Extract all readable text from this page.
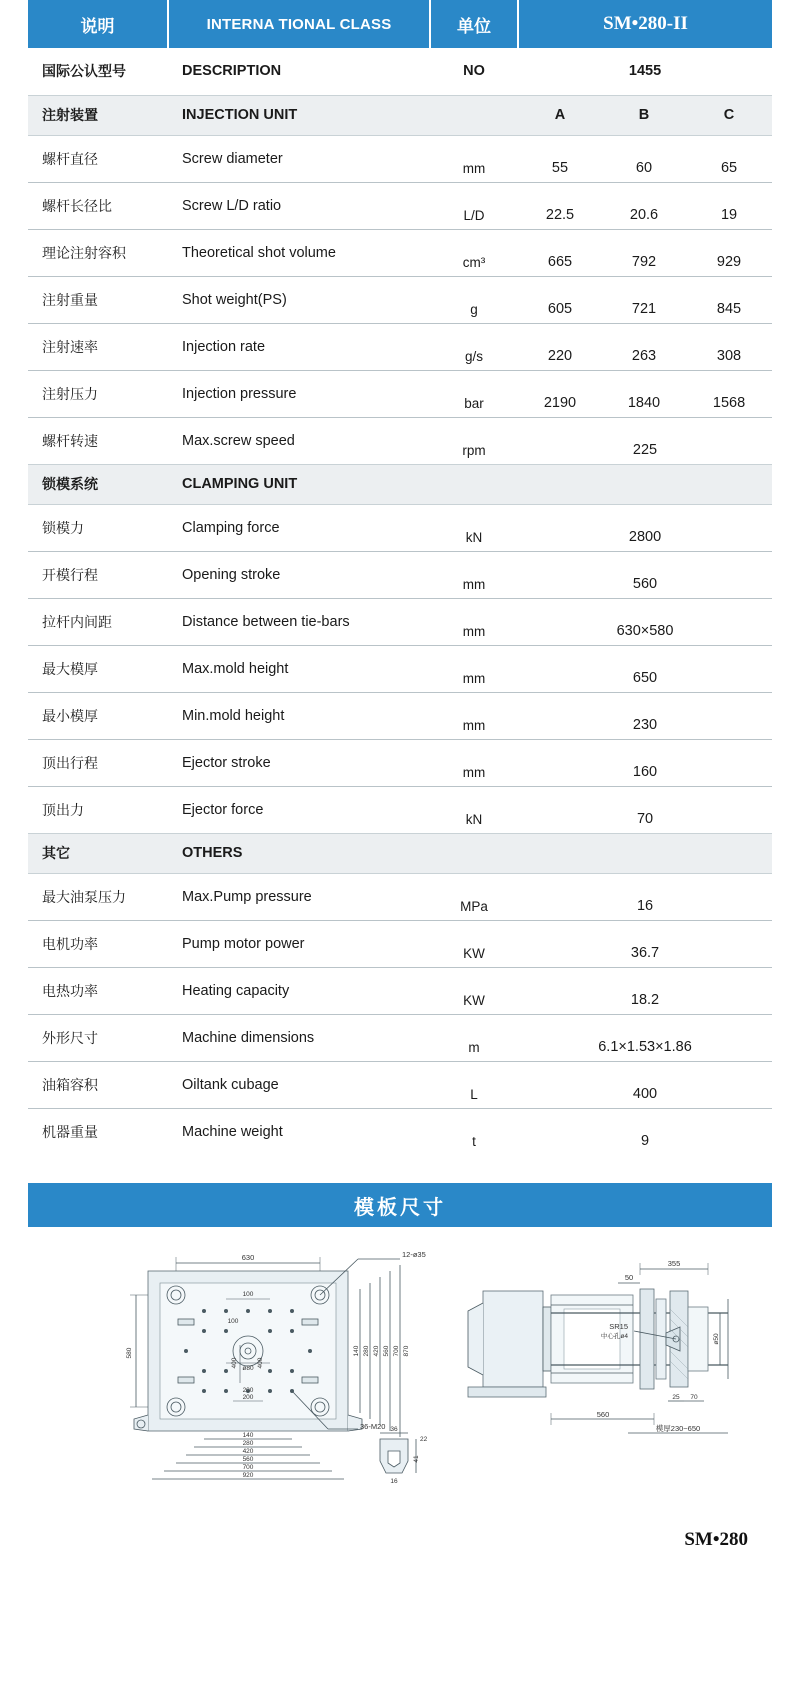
说明	INTERNA TIONAL CLASS	单位	SM•280-II		
国际公认型号	DESCRIPTION	NO	1455		
注射装置	INJECTION UNIT		A	B	C
螺杆直径	Screw diameter	mm	55	60	65
螺杆长径比	Screw L/D ratio	L/D	22.5	20.6	19
理论注射容积	Theoretical shot volume	cm³	665	792	929
注射重量	Shot weight(PS)	g	605	721	845
注射速率	Injection rate	g/s	220	263	308
注射压力	Injection pressure	bar	2190	1840	1568
螺杆转速	Max.screw speed	rpm	225		
锁模系统	CLAMPING UNIT				
锁模力	Clamping force	kN	2800		
开模行程	Opening stroke	mm	560		
拉杆内间距	Distance between tie-bars	mm	630×580		
最大模厚	Max.mold height	mm	650		
最小模厚	Min.mold height	mm	230		
顶出行程	Ejector stroke	mm	160		
顶出力	Ejector force	kN	70		
其它	OTHERS				
最大油泵压力	Max.Pump pressure	MPa	16		
电机功率	Pump motor power	KW	36.7		
电热功率	Heating capacity	KW	18.2		
外形尺寸	Machine dimensions	m	6.1×1.53×1.86		
油箱容积	Oiltank cubage	L	400		
机器重量	Machine weight	t	9		
模板尺寸
630	12-ø35
36-M20
355
50
560
模厚230~650
SR15
中心孔ø4
580
100
ø80
200
140
280
420
560
700
920
140 280 420 560 700 870
100
400	400
200
36
22
41
16
ø50
25 70
SM•280
